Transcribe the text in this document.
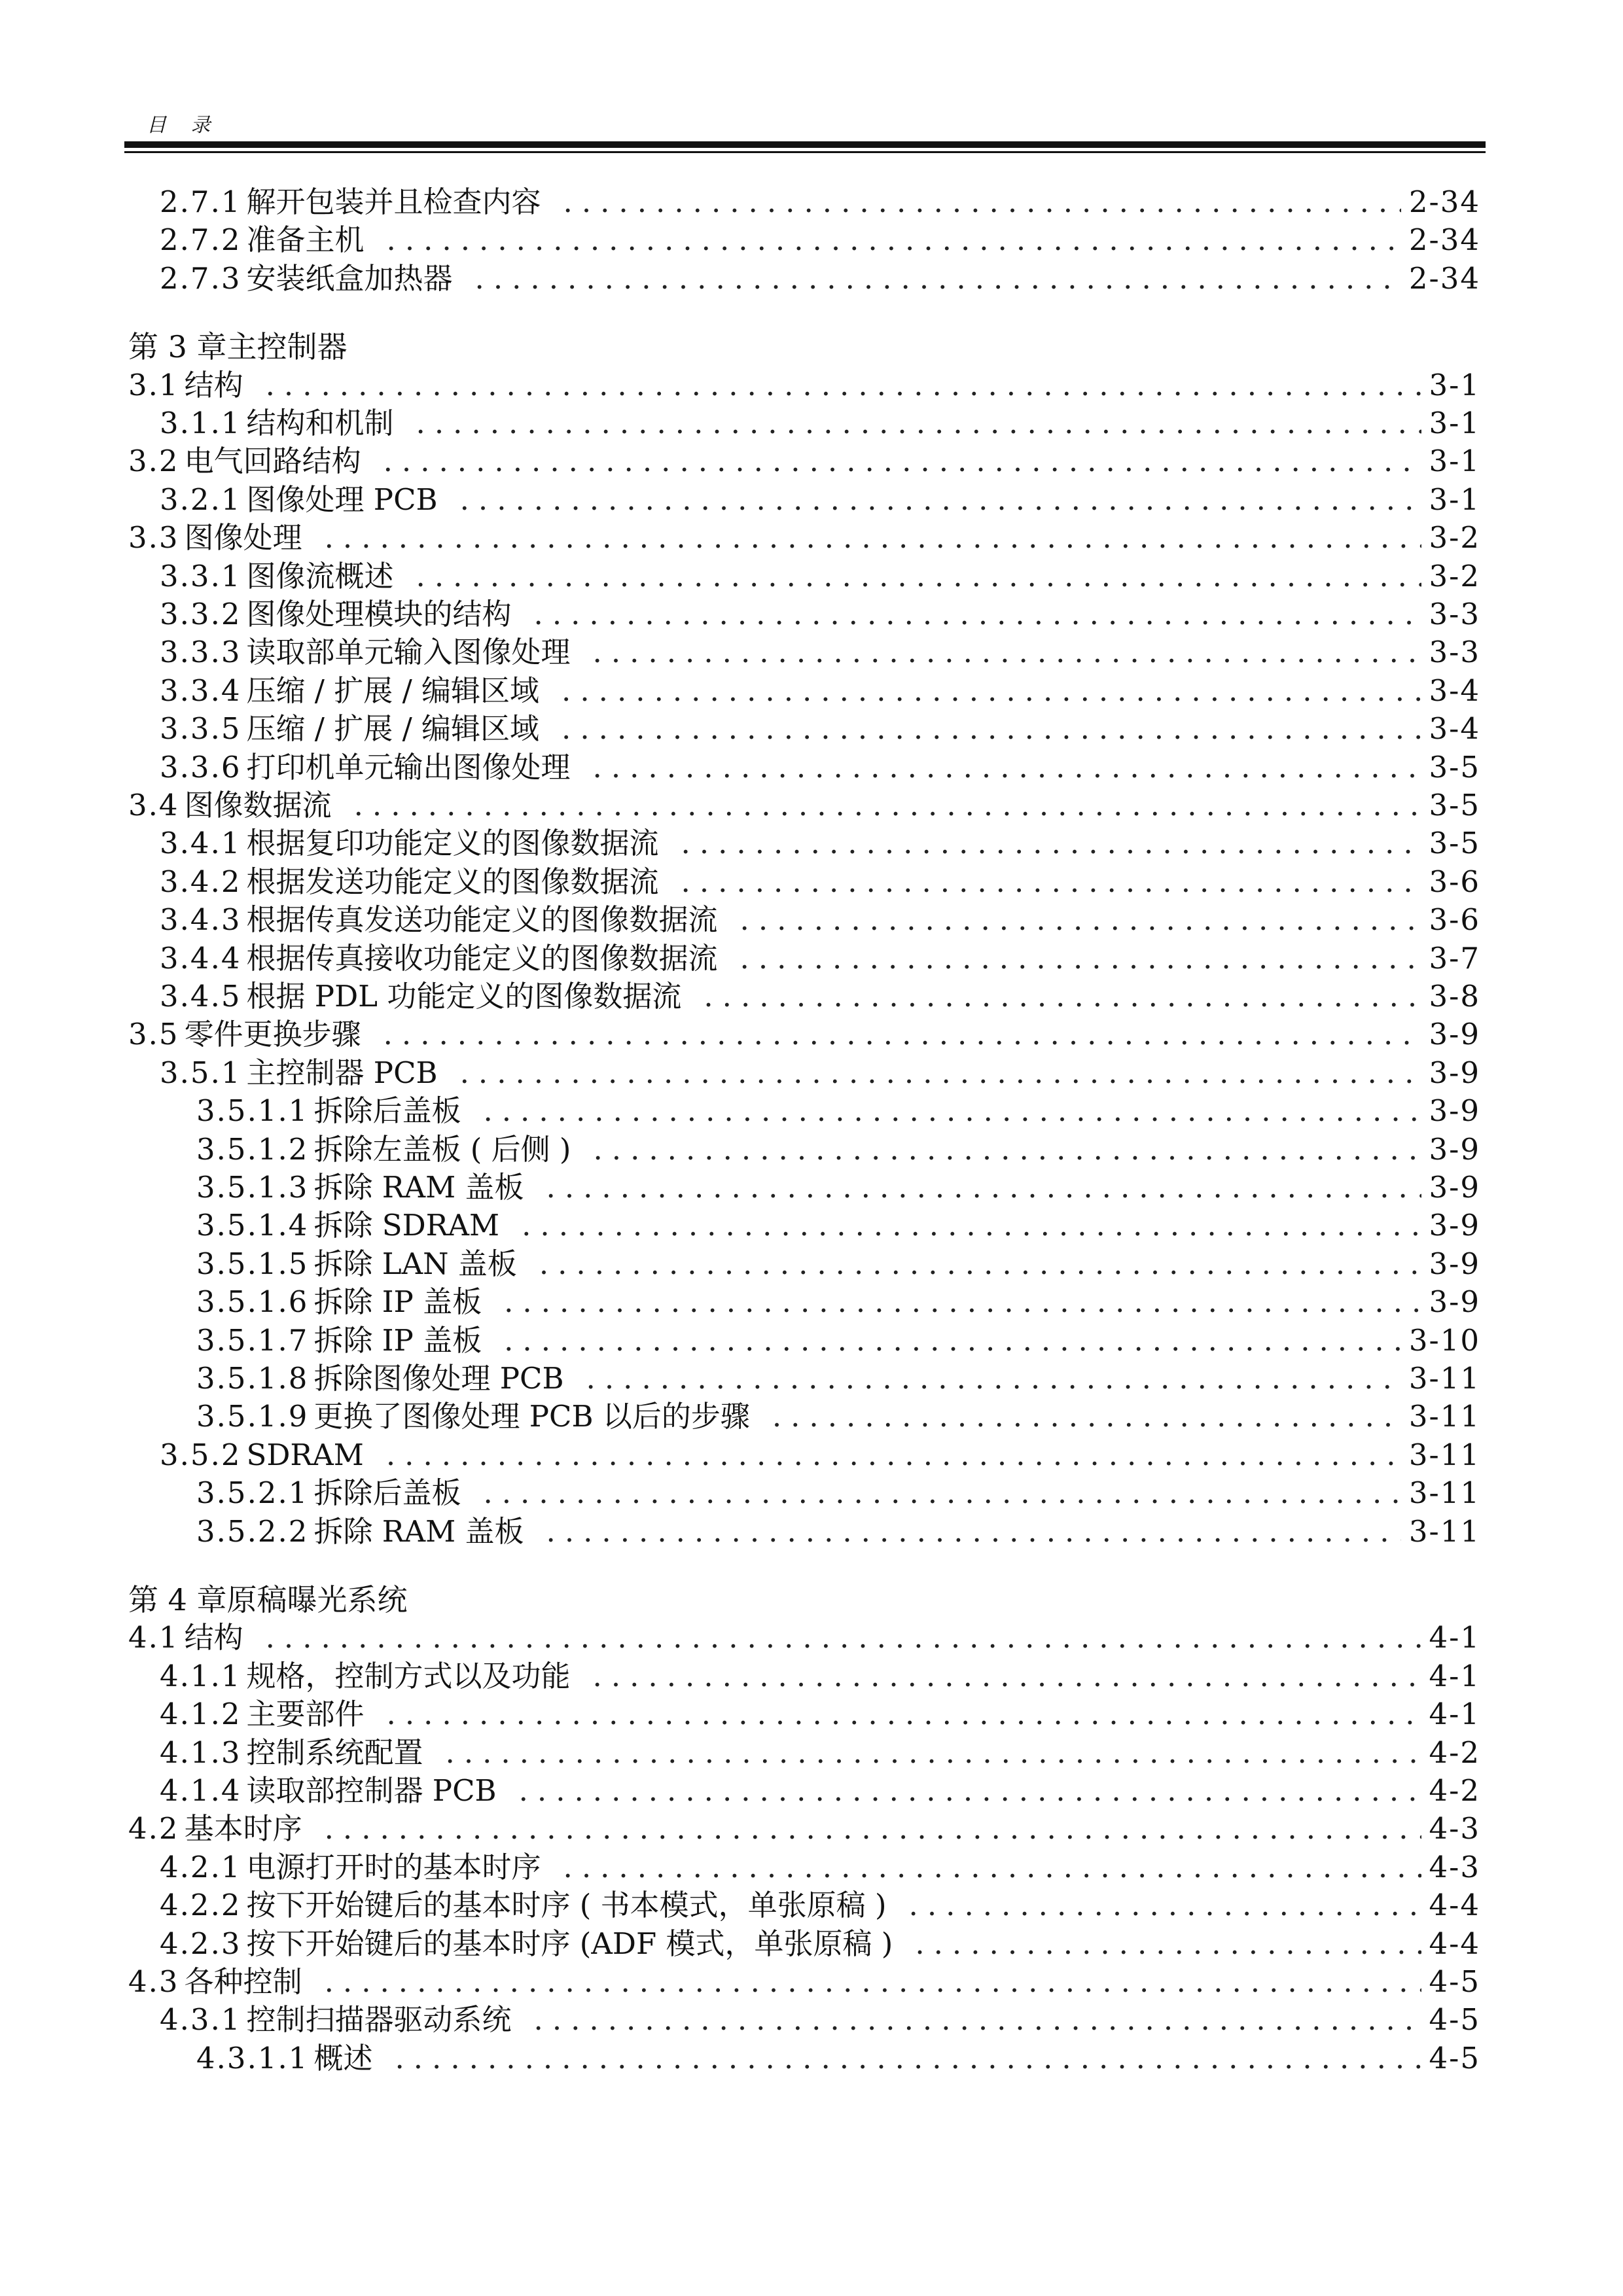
目 录
2.7.1 解开包装并且检查内容 .....	2-34
2.7.2 准备主机 .....	2-34
2.7.3 安装纸盒加热器 .....	2-34
第 3 章主控制器
3.1 结构 .....	3-1
3.1.1 结构和机制 .....	3-1
3.2 电气回路结构 .....	3-1
3.2.1 图像处理 PCB .....	3-1
3.3 图像处理 .....	3-2
3.3.1 图像流概述 .....	3-2
3.3.2 图像处理模块的结构 .....	3-3
3.3.3 读取部单元输入图像处理 .....	3-3
3.3.4 压缩 / 扩展 / 编辑区域 .....	3-4
3.3.5 压缩 / 扩展 / 编辑区域 .....	3-4
3.3.6 打印机单元输出图像处理 .....	3-5
3.4 图像数据流 .....	3-5
3.4.1 根据复印功能定义的图像数据流 .....	3-5
3.4.2 根据发送功能定义的图像数据流 .....	3-6
3.4.3 根据传真发送功能定义的图像数据流 .....	3-6
3.4.4 根据传真接收功能定义的图像数据流 .....	3-7
3.4.5 根据 PDL 功能定义的图像数据流 .....	3-8
3.5 零件更换步骤 .....	3-9
3.5.1 主控制器 PCB .....	3-9
3.5.1.1 拆除后盖板 .....	3-9
3.5.1.2 拆除左盖板 ( 后侧 ) .....	3-9
3.5.1.3 拆除 RAM 盖板 .....	3-9
3.5.1.4 拆除 SDRAM .....	3-9
3.5.1.5 拆除 LAN 盖板 .....	3-9
3.5.1.6 拆除 IP 盖板 .....	3-9
3.5.1.7 拆除 IP 盖板 .....	3-10
3.5.1.8 拆除图像处理 PCB .....	3-11
3.5.1.9 更换了图像处理 PCB 以后的步骤 .....	3-11
3.5.2 SDRAM .....	3-11
3.5.2.1 拆除后盖板 .....	3-11
3.5.2.2 拆除 RAM 盖板 .....	3-11
第 4 章原稿曝光系统
4.1 结构 .....	4-1
4.1.1 规格，控制方式以及功能 .....	4-1
4.1.2 主要部件 .....	4-1
4.1.3 控制系统配置 .....	4-2
4.1.4 读取部控制器 PCB .....	4-2
4.2 基本时序 .....	4-3
4.2.1 电源打开时的基本时序 .....	4-3
4.2.2 按下开始键后的基本时序 ( 书本模式，单张原稿 ) .....	4-4
4.2.3 按下开始键后的基本时序 (ADF 模式，单张原稿 ) .....	4-4
4.3 各种控制 .....	4-5
4.3.1 控制扫描器驱动系统 .....	4-5
4.3.1.1 概述 .....	4-5
